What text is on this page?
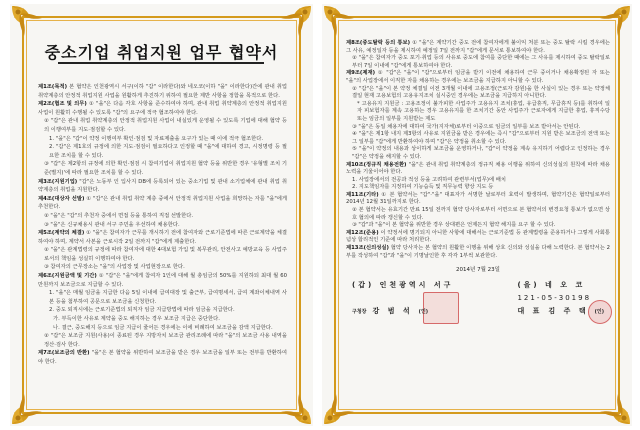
중소기업 취업지원 업무 협약서

제1조(목적) 본 협약은 인천광역시 서구(이하 "갑" 이라한다)와 네오코(이하 "을" 이라한다)간에 관내 취업 취약계층의 안정적 취업지원 사업을 원활하게 추진하기 위하여 필요한 제반 사항을 정함을 목적으로 한다.

제2조(협조 및 의무) ① "을"은 다음 각호 사항을 준수하여야 하며, 관내 취업 취약계층의 안정적 취업지원 사업이 원활히 수행될 수 있도록 "갑"의 요구에 적극 협조하여야 한다.

② "갑"은 관내 취업 취약계층의 안정적 취업지원 사업이 내실있게 운영될 수 있도록 기업에 대해 협약 등의 이행여부를 지도·점검할 수 있다.

1. "을"은 "갑"이 약정 이행여부 확인·점검 및 자료제출을 요구가 있는 때 이에 적극 협조한다.

2. "갑"은 제1호의 규정에 의한 지도·점검이 필요하다고 인정할 때 "을"에 대하여 경고, 시정명령 등 필요한 조치를 할 수 있다.

③ "갑"은 제2항의 규정에 의한 확인·점검 시 참여기업이 취업지원 협약 등을 위반한 경우 '유형별 조치 기준(별지)'에 따라 필요한 조치를 할 수 있다.

제3조(지원기업) "갑"은 노동부 인 입사지 DB에 등록되어 있는 중소기업 및 관내 소기업체에 관내 취업 취약계층의 취업을 지원한다.

제4조(대상자 선발) ① "갑"은 관내 취업 취약 계층 중에서 안정적 취업지원 사업을 희망하는 자를 "을"에게 추천한다.

② "을"은 "갑"의 추천자 중에서 면접 등을 통하여 직접 선발한다.

③ "을"은 신규채용시 관내 서구 주민을 우선하여 채용한다.

제5조(계약의 체결) ① "을"은 참여자가 근무를 개시하기 전에 참여자와 근로기준법에 따른 근로계약을 체결하여야 하며, 계약서 사본을 근로시작 2일 전까지 "갑"에게 제출한다.

② "을"은 관계법령의 규정에 따라 참여자에 대한 4대보험 가입 및 복무관리, 안전사고 예방교육 등 사업주로서의 책임을 성실히 이행하여야 한다.

③ 참여자의 근무장소는 "을"의 사업장 및 사업현장으로 한다.

제6조(지원금액 및 기간) ① "갑"은 "을"에게 참여자 1인에 대해 월 총임금의 50%를 지원하되 최대 월 60만원까지 보조금으로 지급할 수 있다.

1. "을"은 매월 임금을 지급한 다음 5일 이내에 급여대장 및 출근부, 급여명세서, 급여 계좌이체내역 사본 등을 첨부하여 공문으로 보조금을 신청한다.

2. 중도 퇴직시에는 근로기준법의 퇴직자 임금 지급방법에 따라 임금을 지급한다.

가. 부득이한 사유로 계약을 중도 해지하는 경우 보조금 지급은 중단한다.

나. 결근, 중도해지 등으로 임금 지급이 줄어든 경우에는 이에 비례하여 보조금을 감액 지급한다.

② "갑"은 보조금 지원(사용)이 종료된 경우 지방자치 보조금 관리조례에 따라 "을"의 보조금 사용 내역을 정산·검사 한다.

제7조(보조금의 반환) "을"은 본 협약을 위반하여 보조금을 받은 경우 보조금을 일부 또는 전부를 반환하여야 한다.

제8조(중도탈락 등의 통보) ① "을"은 계약기간 중도 전에 참여자에게 불이익 처분 또는 중도 탈락 시킬 경우에는 그 사유, 예정일자 등을 제시하여 예정일 7일 전까지 "갑"에게 문서로 통보하여야 한다.

② "을"은 참여자가 중도 포기·취업 등의 사유로 중도에 참여를 중단한 때에는 그 사유를 제시하여 중도 탈락일로부터 7일 이내에 "갑"에게 통보하여야 한다.

제9조(제재) ① "갑"은 "을"이 "갑"으로부터 임금을 받기 이전에 채용하여 근무 중이거나 채용확정된 자 또는 "을"의 사업장에서 이직한 자를 채용하는 경우에는 보조금을 지급하지 아니할 수 있다.

② "갑"은 "을"이 본 약정 체결일 이전 3개월 이내에 고용조정(근로자 감원)을 한 사실이 있는 경우 또는 약정체결일 현재 고용보험의 고용유지조치 실시중인 경우에는 보조금을 지급하지 아니한다.

* 고용유지 지원금 : 고용조정이 불가피한 사업주가 고용유지 조치(휴업, 유급휴직, 무급휴직 등)를 취하여 일자 피보험자를 계속 고용하는 경우 고용유지를 한 조치기간 동안 사업주가 근로자에게 지급한 휴업, 휴직수당 또는 임금의 일부를 지원받는 제도

③ "을"은 동일 채용자에 대하여 국가(지자체)로부터 이중으로 임금의 일부를 보조 받아서는 안된다.

④ "을"은 제1항 내지 제3항의 사유로 지원금을 받은 경우에는 즉시 "갑"으로부터 지원 받은 보조금의 전액 또는 그 일부를 "갑"에게 반환하여야 하며 "갑"은 약정을 취소할 수 있다.

⑤ "을"이 약정의 내용과 상이하게 보조금을 운영하거나, "갑"이 약정을 계속 유지하기 어렵다고 인정하는 경우 "갑"은 약정을 해지할 수 있다.

제10조(정규직 채용전환) "을"은 관내 취업 취약계층의 정규직 채용 이행을 위하여 신의성실의 원칙에 따라 채용노력을 기울이어야 한다.

1. 사업장에서의 전공과 적성 등을 고려하여 관련부서(업무)에 배치

2. 지도책임자를 지정하여 기능습득 및 직무능력 향상 지도 등

제11조(기타) ① 본 협약서는 "갑"·"을" 대표자가 서명한 날로부터 효력이 발생하며, 협약기간은 협약일로부터 2014년 12월 31일까지로 한다.

② 본 협약서는 유효기간 만료 15일 전까지 협약 당사자로부터 서면으로 본 협약서의 변경요청 통보가 없으면 상호 협의에 따라 갱신할 수 있다.

③ "갑"과 "을"이 본 협약을 위반한 경우 상대편은 언제든지 협약 해지를 요구 할 수 있다.

제12조(준용) 이 약정서에 명기되지 아니한 사항에 대해서는 근로기준법 등 관계법령을 준용하거나 그렇게 사회통념상 합리적인 기준에 따라 처리한다.

제13조(신의성실) 협약 당사자는 본 협약의 원활한 이행을 위해 상호 신의와 성실을 다해 노력한다. 본 협약서는 2부를 작성하여 "갑"과 "을"이 기명날인한 후 각각 1부씩 보관한다.

2014년 7월 23일
(갑) 인천광역시 서구
구청장 강 범 석 (인)
(을) 네 오 코
121-05-30198
대 표 김 주 택 (인)
